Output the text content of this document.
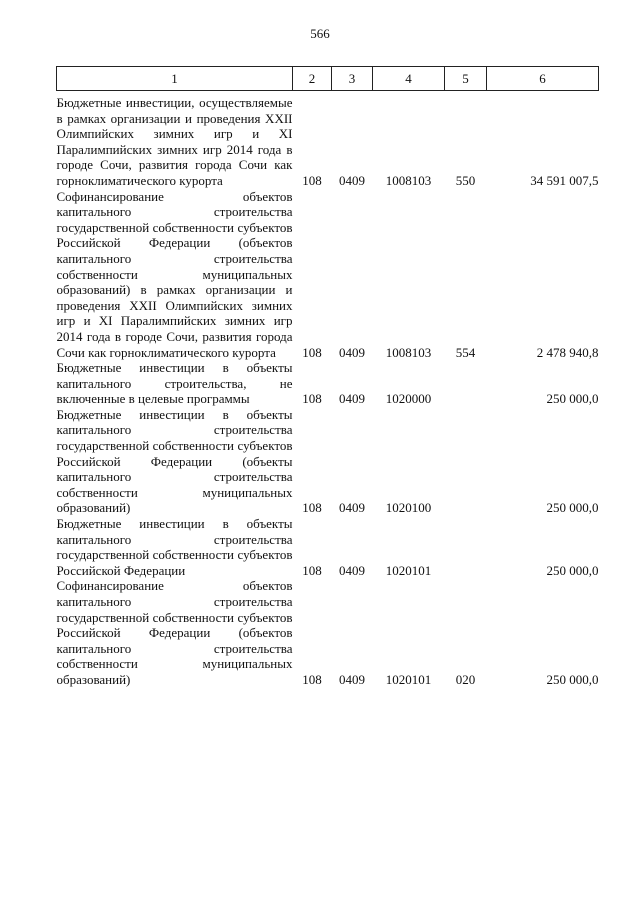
566
1	2	3	4	5	6
Бюджетные инвестиции, осуществляемые в рамках организации и проведения XXII Олимпийских зимних игр и XI Паралимпийских зимних игр 2014 года в городе Сочи, развития города Сочи как горноклиматического курорта	108	0409	1008103	550	34 591 007,5
Софинансирование объектов капитального строительства государственной собственности субъектов Российской Федерации (объектов капитального строительства собственности муниципальных образований) в рамках организации и проведения XXII Олимпийских зимних игр и XI Паралимпийских зимних игр 2014 года в городе Сочи, развития города Сочи как горноклиматического курорта	108	0409	1008103	554	2 478 940,8
Бюджетные инвестиции в объекты капитального строительства, не включенные в целевые программы	108	0409	1020000		250 000,0
Бюджетные инвестиции в объекты капитального строительства государственной собственности субъектов Российской Федерации (объекты капитального строительства собственности муниципальных образований)	108	0409	1020100		250 000,0
Бюджетные инвестиции в объекты капитального строительства государственной собственности субъектов Российской Федерации	108	0409	1020101		250 000,0
Софинансирование объектов капитального строительства государственной собственности субъектов Российской Федерации (объектов капитального строительства собственности муниципальных образований)	108	0409	1020101	020	250 000,0
